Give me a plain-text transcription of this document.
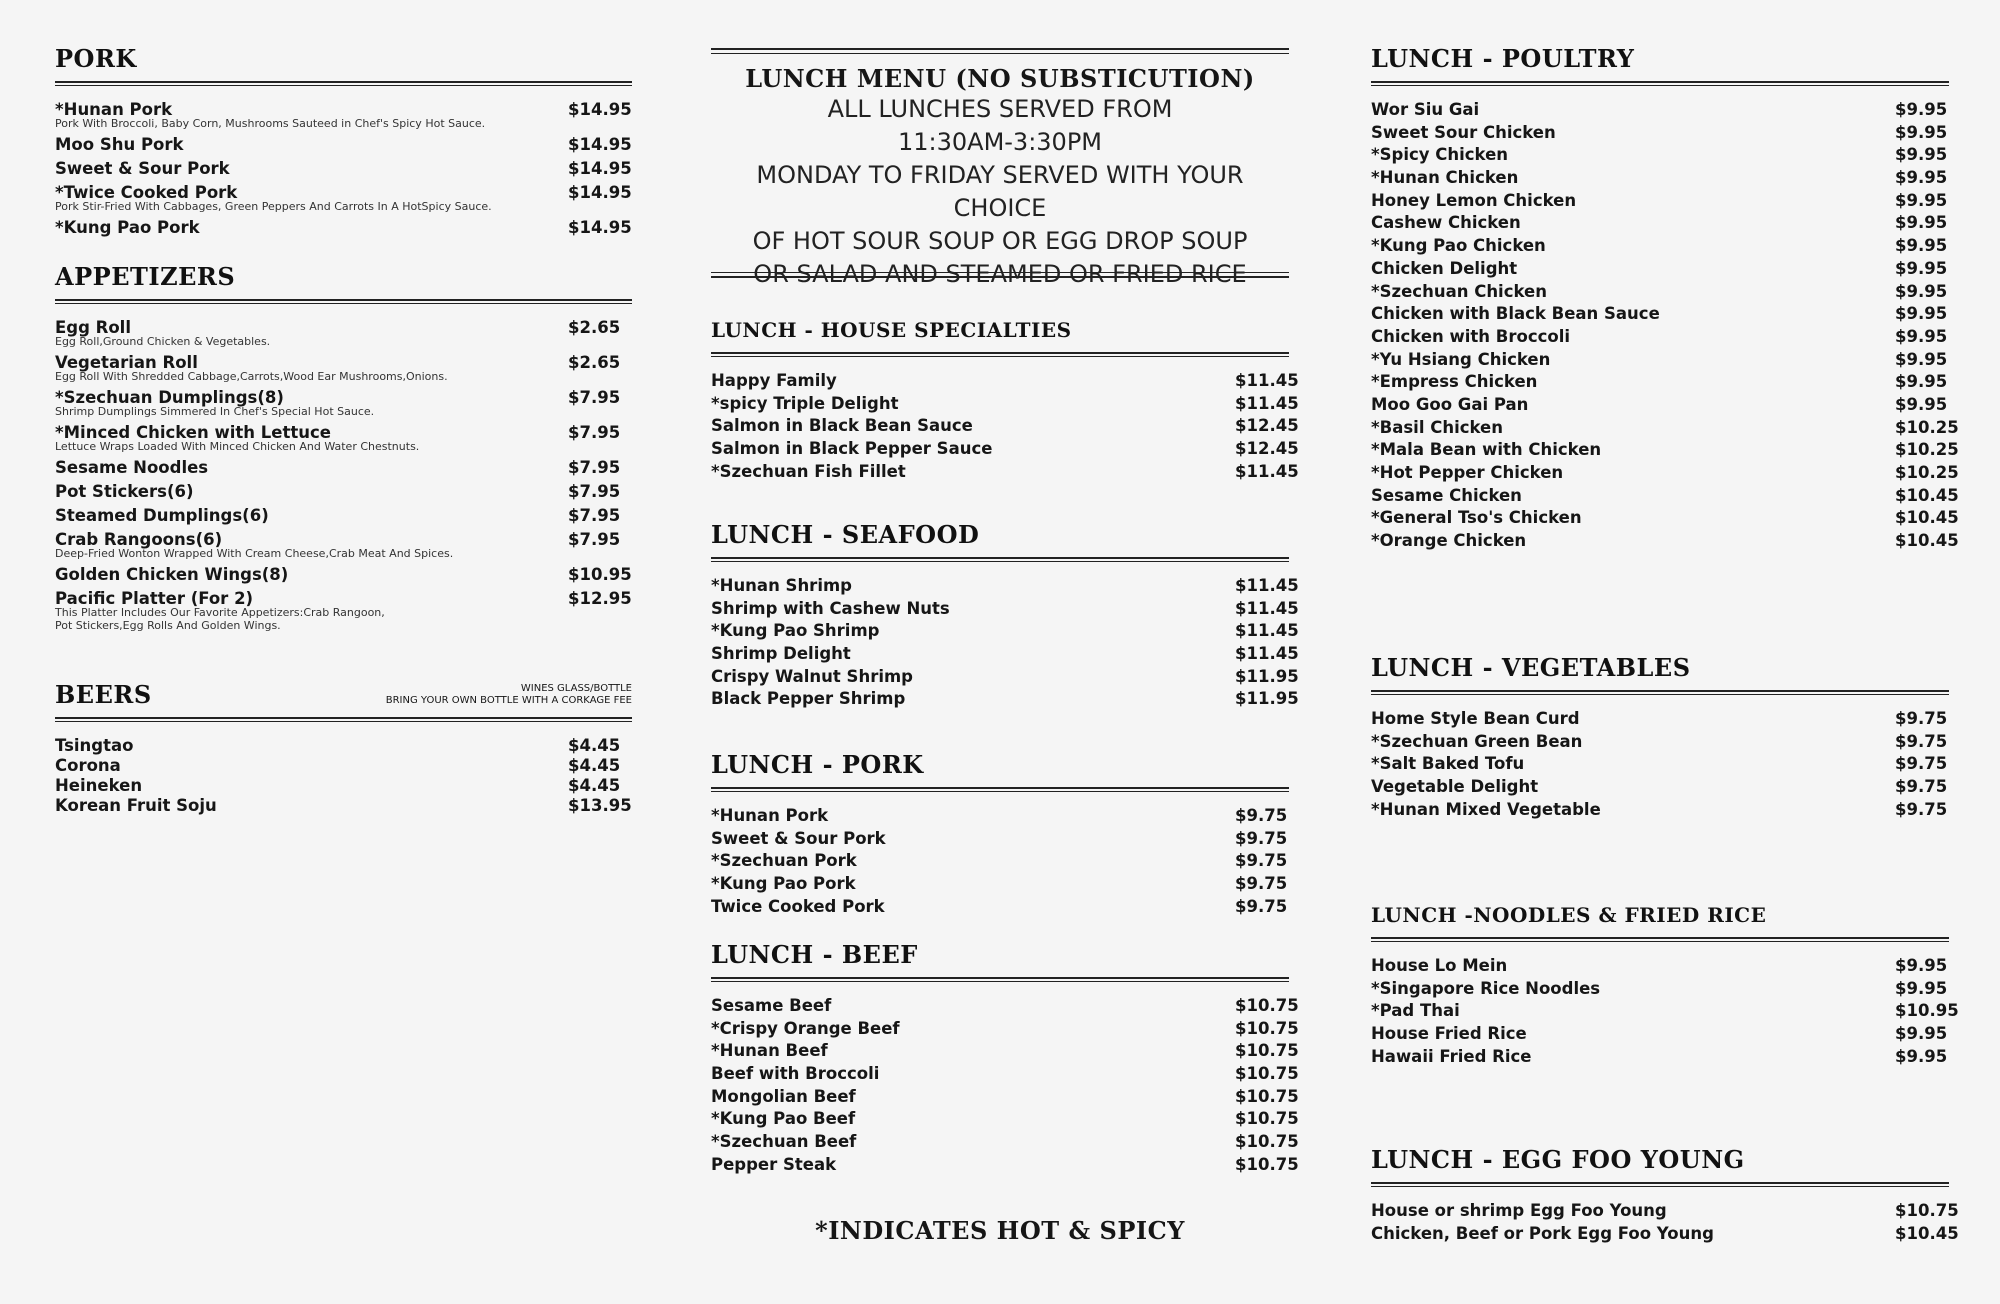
PORK
*Hunan Pork	$14.95
Pork With Broccoli, Baby Corn, Mushrooms Sauteed in Chef's Spicy Hot Sauce.
Moo Shu Pork	$14.95
Sweet & Sour Pork	$14.95
*Twice Cooked Pork	$14.95
Pork Stir-Fried With Cabbages, Green Peppers And Carrots In A HotSpicy Sauce.
*Kung Pao Pork	$14.95
APPETIZERS
Egg Roll	$2.65
Egg Roll,Ground Chicken & Vegetables.
Vegetarian Roll	$2.65
Egg Roll With Shredded Cabbage,Carrots,Wood Ear Mushrooms,Onions.
*Szechuan Dumplings(8)	$7.95
Shrimp Dumplings Simmered In Chef's Special Hot Sauce.
*Minced Chicken with Lettuce	$7.95
Lettuce Wraps Loaded With Minced Chicken And Water Chestnuts.
Sesame Noodles	$7.95
Pot Stickers(6)	$7.95
Steamed Dumplings(6)	$7.95
Crab Rangoons(6)	$7.95
Deep-Fried Wonton Wrapped With Cream Cheese,Crab Meat And Spices.
Golden Chicken Wings(8)	$10.95
Pacific Platter (For 2)	$12.95
This Platter Includes Our Favorite Appetizers:Crab Rangoon,
Pot Stickers,Egg Rolls And Golden Wings.
BEERS	WINES GLASS/BOTTLE
BRING YOUR OWN BOTTLE WITH A CORKAGE FEE
Tsingtao	$4.45
Corona	$4.45
Heineken	$4.45
Korean Fruit Soju	$13.95
LUNCH MENU (NO SUBSTICUTION)
ALL LUNCHES SERVED FROM
11:30AM-3:30PM
MONDAY TO FRIDAY SERVED WITH YOUR CHOICE
OF HOT SOUR SOUP OR EGG DROP SOUP
OR SALAD AND STEAMED OR FRIED RICE
LUNCH - HOUSE SPECIALTIES
Happy Family	$11.45
*spicy Triple Delight	$11.45
Salmon in Black Bean Sauce	$12.45
Salmon in Black Pepper Sauce	$12.45
*Szechuan Fish Fillet	$11.45
LUNCH - SEAFOOD
*Hunan Shrimp	$11.45
Shrimp with Cashew Nuts	$11.45
*Kung Pao Shrimp	$11.45
Shrimp Delight	$11.45
Crispy Walnut Shrimp	$11.95
Black Pepper Shrimp	$11.95
LUNCH - PORK
*Hunan Pork	$9.75
Sweet & Sour Pork	$9.75
*Szechuan Pork	$9.75
*Kung Pao Pork	$9.75
Twice Cooked Pork	$9.75
LUNCH - BEEF
Sesame Beef	$10.75
*Crispy Orange Beef	$10.75
*Hunan Beef	$10.75
Beef with Broccoli	$10.75
Mongolian Beef	$10.75
*Kung Pao Beef	$10.75
*Szechuan Beef	$10.75
Pepper Steak	$10.75
*INDICATES HOT & SPICY
LUNCH - POULTRY
Wor Siu Gai	$9.95
Sweet Sour Chicken	$9.95
*Spicy Chicken	$9.95
*Hunan Chicken	$9.95
Honey Lemon Chicken	$9.95
Cashew Chicken	$9.95
*Kung Pao Chicken	$9.95
Chicken Delight	$9.95
*Szechuan Chicken	$9.95
Chicken with Black Bean Sauce	$9.95
Chicken with Broccoli	$9.95
*Yu Hsiang Chicken	$9.95
*Empress Chicken	$9.95
Moo Goo Gai Pan	$9.95
*Basil Chicken	$10.25
*Mala Bean with Chicken	$10.25
*Hot Pepper Chicken	$10.25
Sesame Chicken	$10.45
*General Tso's Chicken	$10.45
*Orange Chicken	$10.45
LUNCH - VEGETABLES
Home Style Bean Curd	$9.75
*Szechuan Green Bean	$9.75
*Salt Baked Tofu	$9.75
Vegetable Delight	$9.75
*Hunan Mixed Vegetable	$9.75
LUNCH -NOODLES & FRIED RICE
House Lo Mein	$9.95
*Singapore Rice Noodles	$9.95
*Pad Thai	$10.95
House Fried Rice	$9.95
Hawaii Fried Rice	$9.95
LUNCH - EGG FOO YOUNG
House or shrimp Egg Foo Young	$10.75
Chicken, Beef or Pork Egg Foo Young	$10.45
